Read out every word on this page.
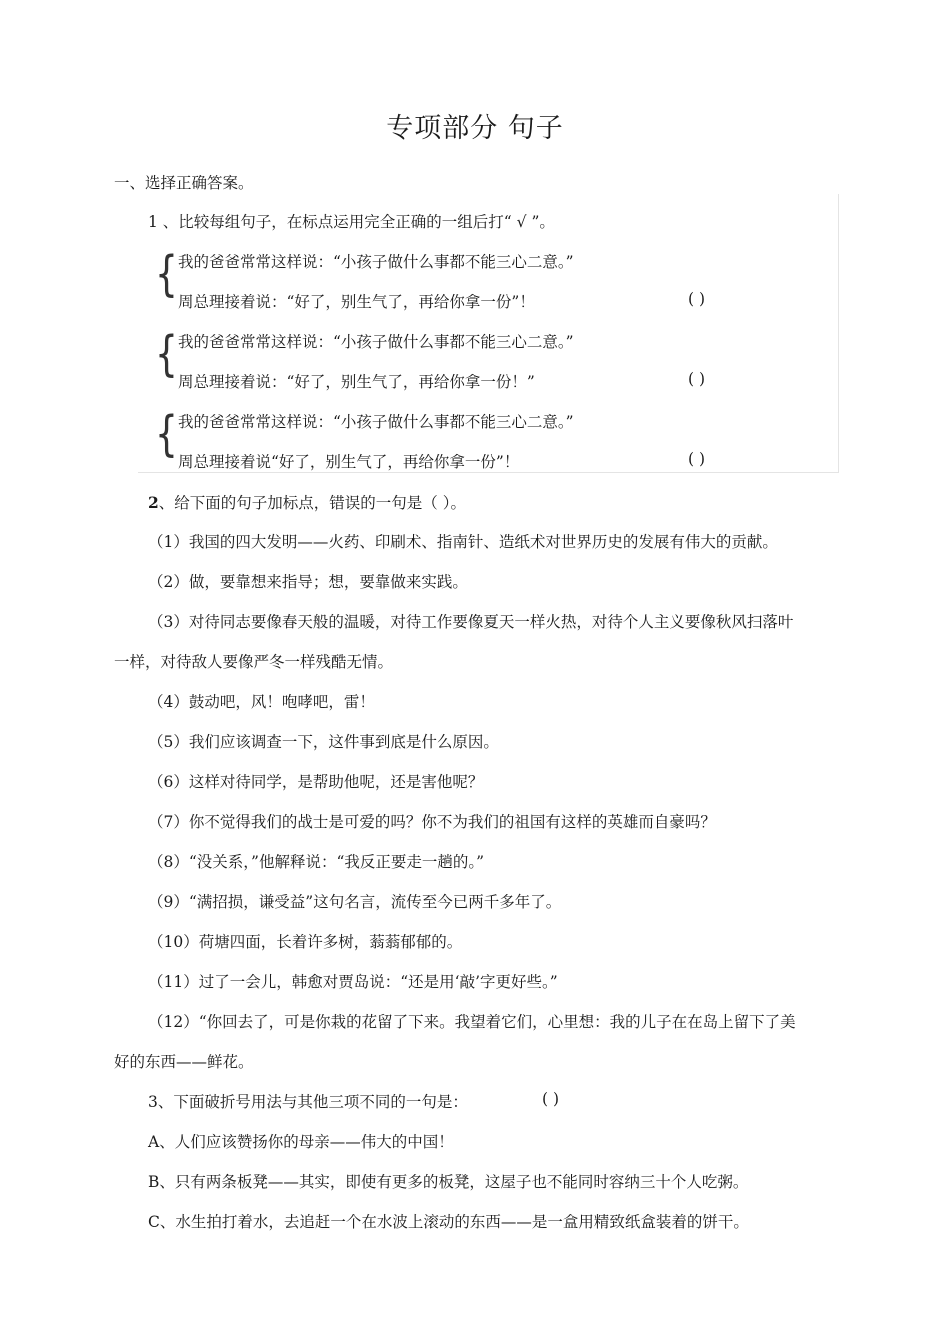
专项部分 句子
一、选择正确答案。
1 、比较每组句子，在标点运用完全正确的一组后打“ √ ”。
{ 我的爸爸常常这样说：“小孩子做什么事都不能三心二意。”
周总理接着说：“好了，别生气了，再给你拿一份”！	( )
{ 我的爸爸常常这样说：“小孩子做什么事都不能三心二意。”
周总理接着说：“好了，别生气了，再给你拿一份！”	( )
{ 我的爸爸常常这样说：“小孩子做什么事都不能三心二意。”
周总理接着说“好了，别生气了，再给你拿一份”！	( )
2、给下面的句子加标点，错误的一句是（ ）。
（1）我国的四大发明——火药、印刷术、指南针、造纸术对世界历史的发展有伟大的贡献。
（2）做，要靠想来指导；想，要靠做来实践。
（3）对待同志要像春天般的温暖，对待工作要像夏天一样火热，对待个人主义要像秋风扫落叶
一样，对待敌人要像严冬一样残酷无情。
（4）鼓动吧，风！咆哮吧，雷！
（5）我们应该调查一下，这件事到底是什么原因。
（6）这样对待同学，是帮助他呢，还是害他呢？
（7）你不觉得我们的战士是可爱的吗？你不为我们的祖国有这样的英雄而自豪吗？
（8）“没关系，”他解释说：“我反正要走一趟的。”
（9）“满招损，谦受益”这句名言，流传至今已两千多年了。
（10）荷塘四面，长着许多树，蓊蓊郁郁的。
（11）过了一会儿，韩愈对贾岛说：“还是用‘敲’字更好些。”
（12）“你回去了，可是你栽的花留了下来。我望着它们，心里想：我的儿子在在岛上留下了美
好的东西——鲜花。
3、下面破折号用法与其他三项不同的一句是：	( )
A、人们应该赞扬你的母亲——伟大的中国！
B、只有两条板凳——其实，即使有更多的板凳，这屋子也不能同时容纳三十个人吃粥。
C、水生拍打着水，去追赶一个在水波上滚动的东西——是一盒用精致纸盒装着的饼干。
